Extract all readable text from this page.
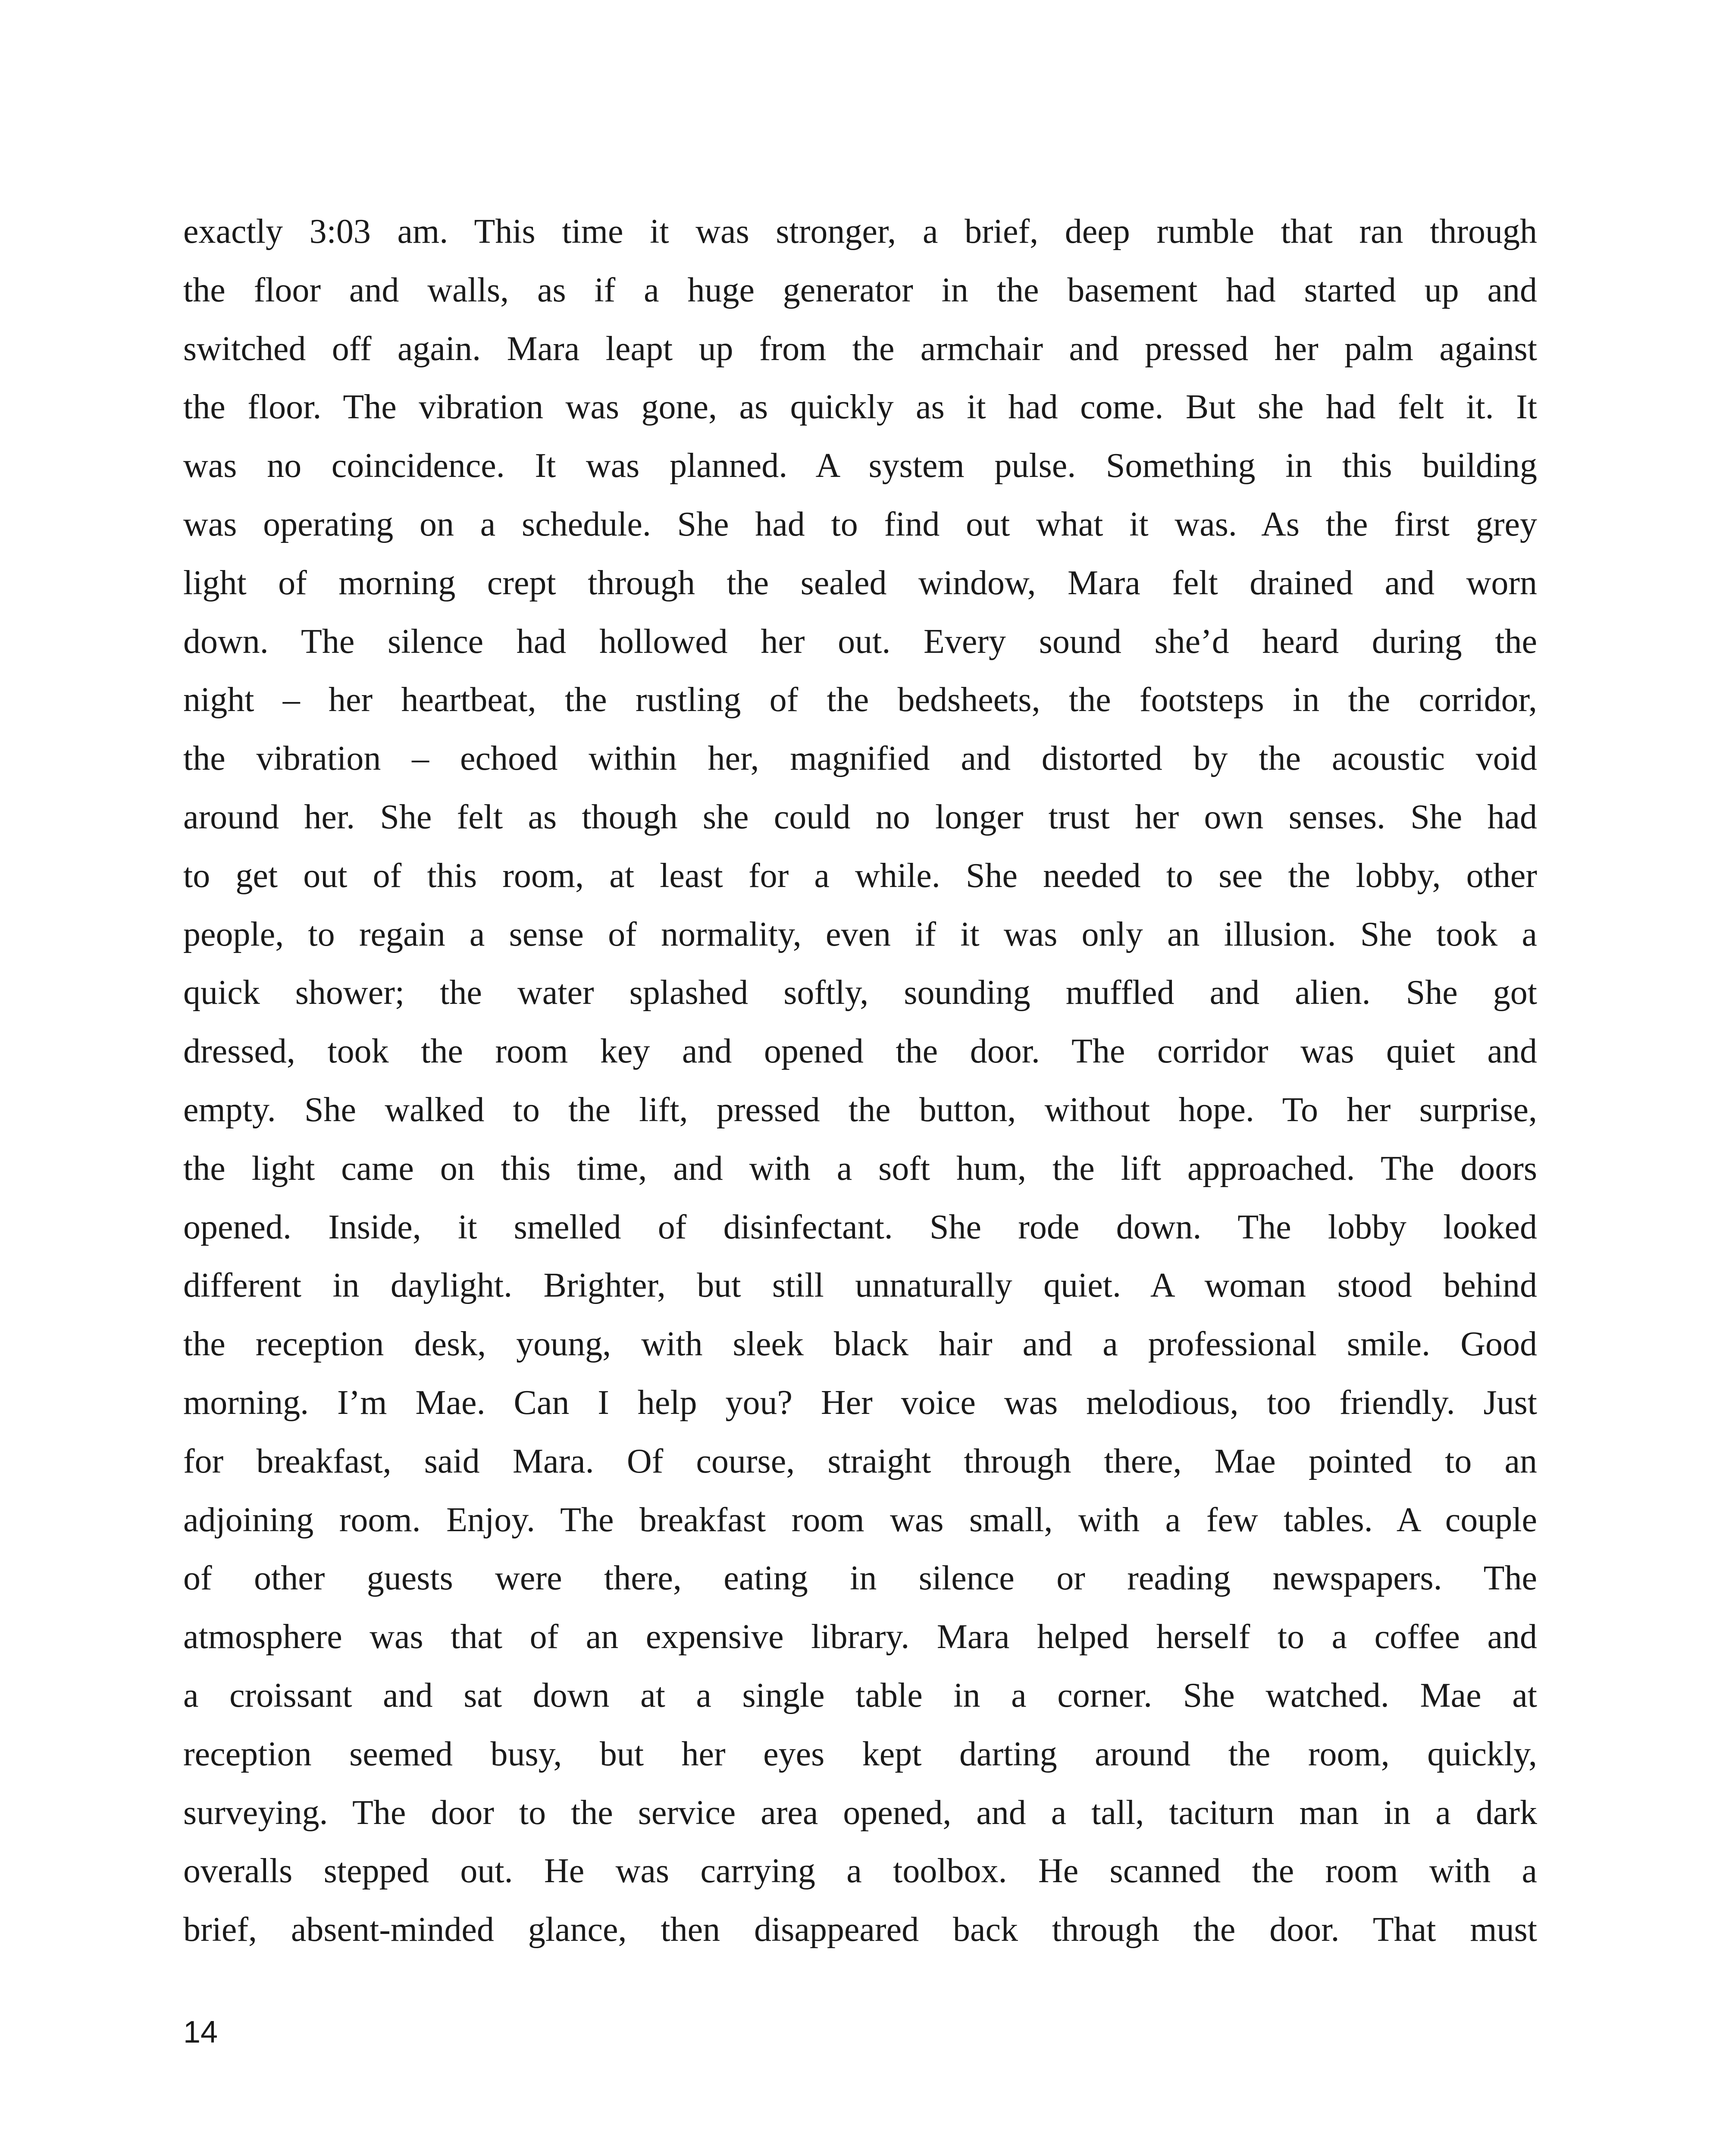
exactly 3:03 am. This time it was stronger, a brief, deep rumble that ran through
the floor and walls, as if a huge generator in the basement had started up and
switched off again. Mara leapt up from the armchair and pressed her palm against
the floor. The vibration was gone, as quickly as it had come. But she had felt it. It
was no coincidence. It was planned. A system pulse. Something in this building
was operating on a schedule. She had to find out what it was. As the first grey
light of morning crept through the sealed window, Mara felt drained and worn
down. The silence had hollowed her out. Every sound she’d heard during the
night – her heartbeat, the rustling of the bedsheets, the footsteps in the corridor,
the vibration – echoed within her, magnified and distorted by the acoustic void
around her. She felt as though she could no longer trust her own senses. She had
to get out of this room, at least for a while. She needed to see the lobby, other
people, to regain a sense of normality, even if it was only an illusion. She took a
quick shower; the water splashed softly, sounding muffled and alien. She got
dressed, took the room key and opened the door. The corridor was quiet and
empty. She walked to the lift, pressed the button, without hope. To her surprise,
the light came on this time, and with a soft hum, the lift approached. The doors
opened. Inside, it smelled of disinfectant. She rode down. The lobby looked
different in daylight. Brighter, but still unnaturally quiet. A woman stood behind
the reception desk, young, with sleek black hair and a professional smile. Good
morning. I’m Mae. Can I help you? Her voice was melodious, too friendly. Just
for breakfast, said Mara. Of course, straight through there, Mae pointed to an
adjoining room. Enjoy. The breakfast room was small, with a few tables. A couple
of other guests were there, eating in silence or reading newspapers. The
atmosphere was that of an expensive library. Mara helped herself to a coffee and
a croissant and sat down at a single table in a corner. She watched. Mae at
reception seemed busy, but her eyes kept darting around the room, quickly,
surveying. The door to the service area opened, and a tall, taciturn man in a dark
overalls stepped out. He was carrying a toolbox. He scanned the room with a
brief, absent-minded glance, then disappeared back through the door. That must
14
